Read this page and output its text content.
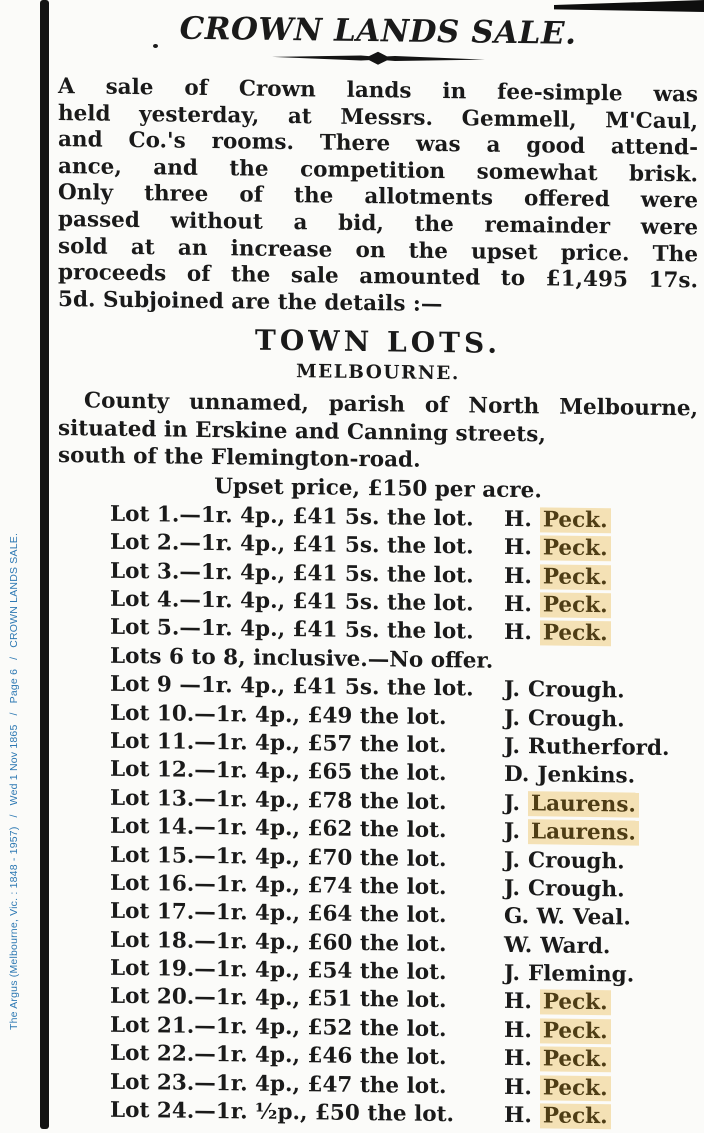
The Argus (Melbourne, Vic. : 1848 - 1957)
/
Wed 1 Nov 1865
/
Page 6
/
CROWN LANDS SALE.
CROWN LANDS SALE.
A sale of Crown lands in fee-simple was
held yesterday, at Messrs. Gemmell, M'Caul,
and Co.'s rooms. There was a good attend-
ance, and the competition somewhat brisk.
Only three of the allotments offered were
passed without a bid, the remainder were
sold at an increase on the upset price. The
proceeds of the sale amounted to £1,495 17s.
5d. Subjoined are the details :—
TOWN LOTS.
MELBOURNE.
County unnamed, parish of North Melbourne,
situated in Erskine and Canning streets,
south of the Flemington-road.
Upset price, £150 per acre.
Lot 1.—1r. 4p., £41 5s. the lot. H. Peck.
Lot 2.—1r. 4p., £41 5s. the lot. H. Peck.
Lot 3.—1r. 4p., £41 5s. the lot. H. Peck.
Lot 4.—1r. 4p., £41 5s. the lot. H. Peck.
Lot 5.—1r. 4p., £41 5s. the lot. H. Peck.
Lots 6 to 8, inclusive.—No offer.
Lot 9 —1r. 4p., £41 5s. the lot. J. Crough.
Lot 10.—1r. 4p., £49 the lot.	J. Crough.
Lot 11.—1r. 4p., £57 the lot.	J. Rutherford.
Lot 12.—1r. 4p., £65 the lot.	D. Jenkins.
Lot 13.—1r. 4p., £78 the lot.	J. Laurens.
Lot 14.—1r. 4p., £62 the lot.	J. Laurens.
Lot 15.—1r. 4p., £70 the lot.	J. Crough.
Lot 16.—1r. 4p., £74 the lot.	J. Crough.
Lot 17.—1r. 4p., £64 the lot.	G. W. Veal.
Lot 18.—1r. 4p., £60 the lot.	W. Ward.
Lot 19.—1r. 4p., £54 the lot.	J. Fleming.
Lot 20.—1r. 4p., £51 the lot.	H. Peck.
Lot 21.—1r. 4p., £52 the lot.	H. Peck.
Lot 22.—1r. 4p., £46 the lot.	H. Peck.
Lot 23.—1r. 4p., £47 the lot.	H. Peck.
Lot 24.—1r. ½p., £50 the lot. H. Peck.
